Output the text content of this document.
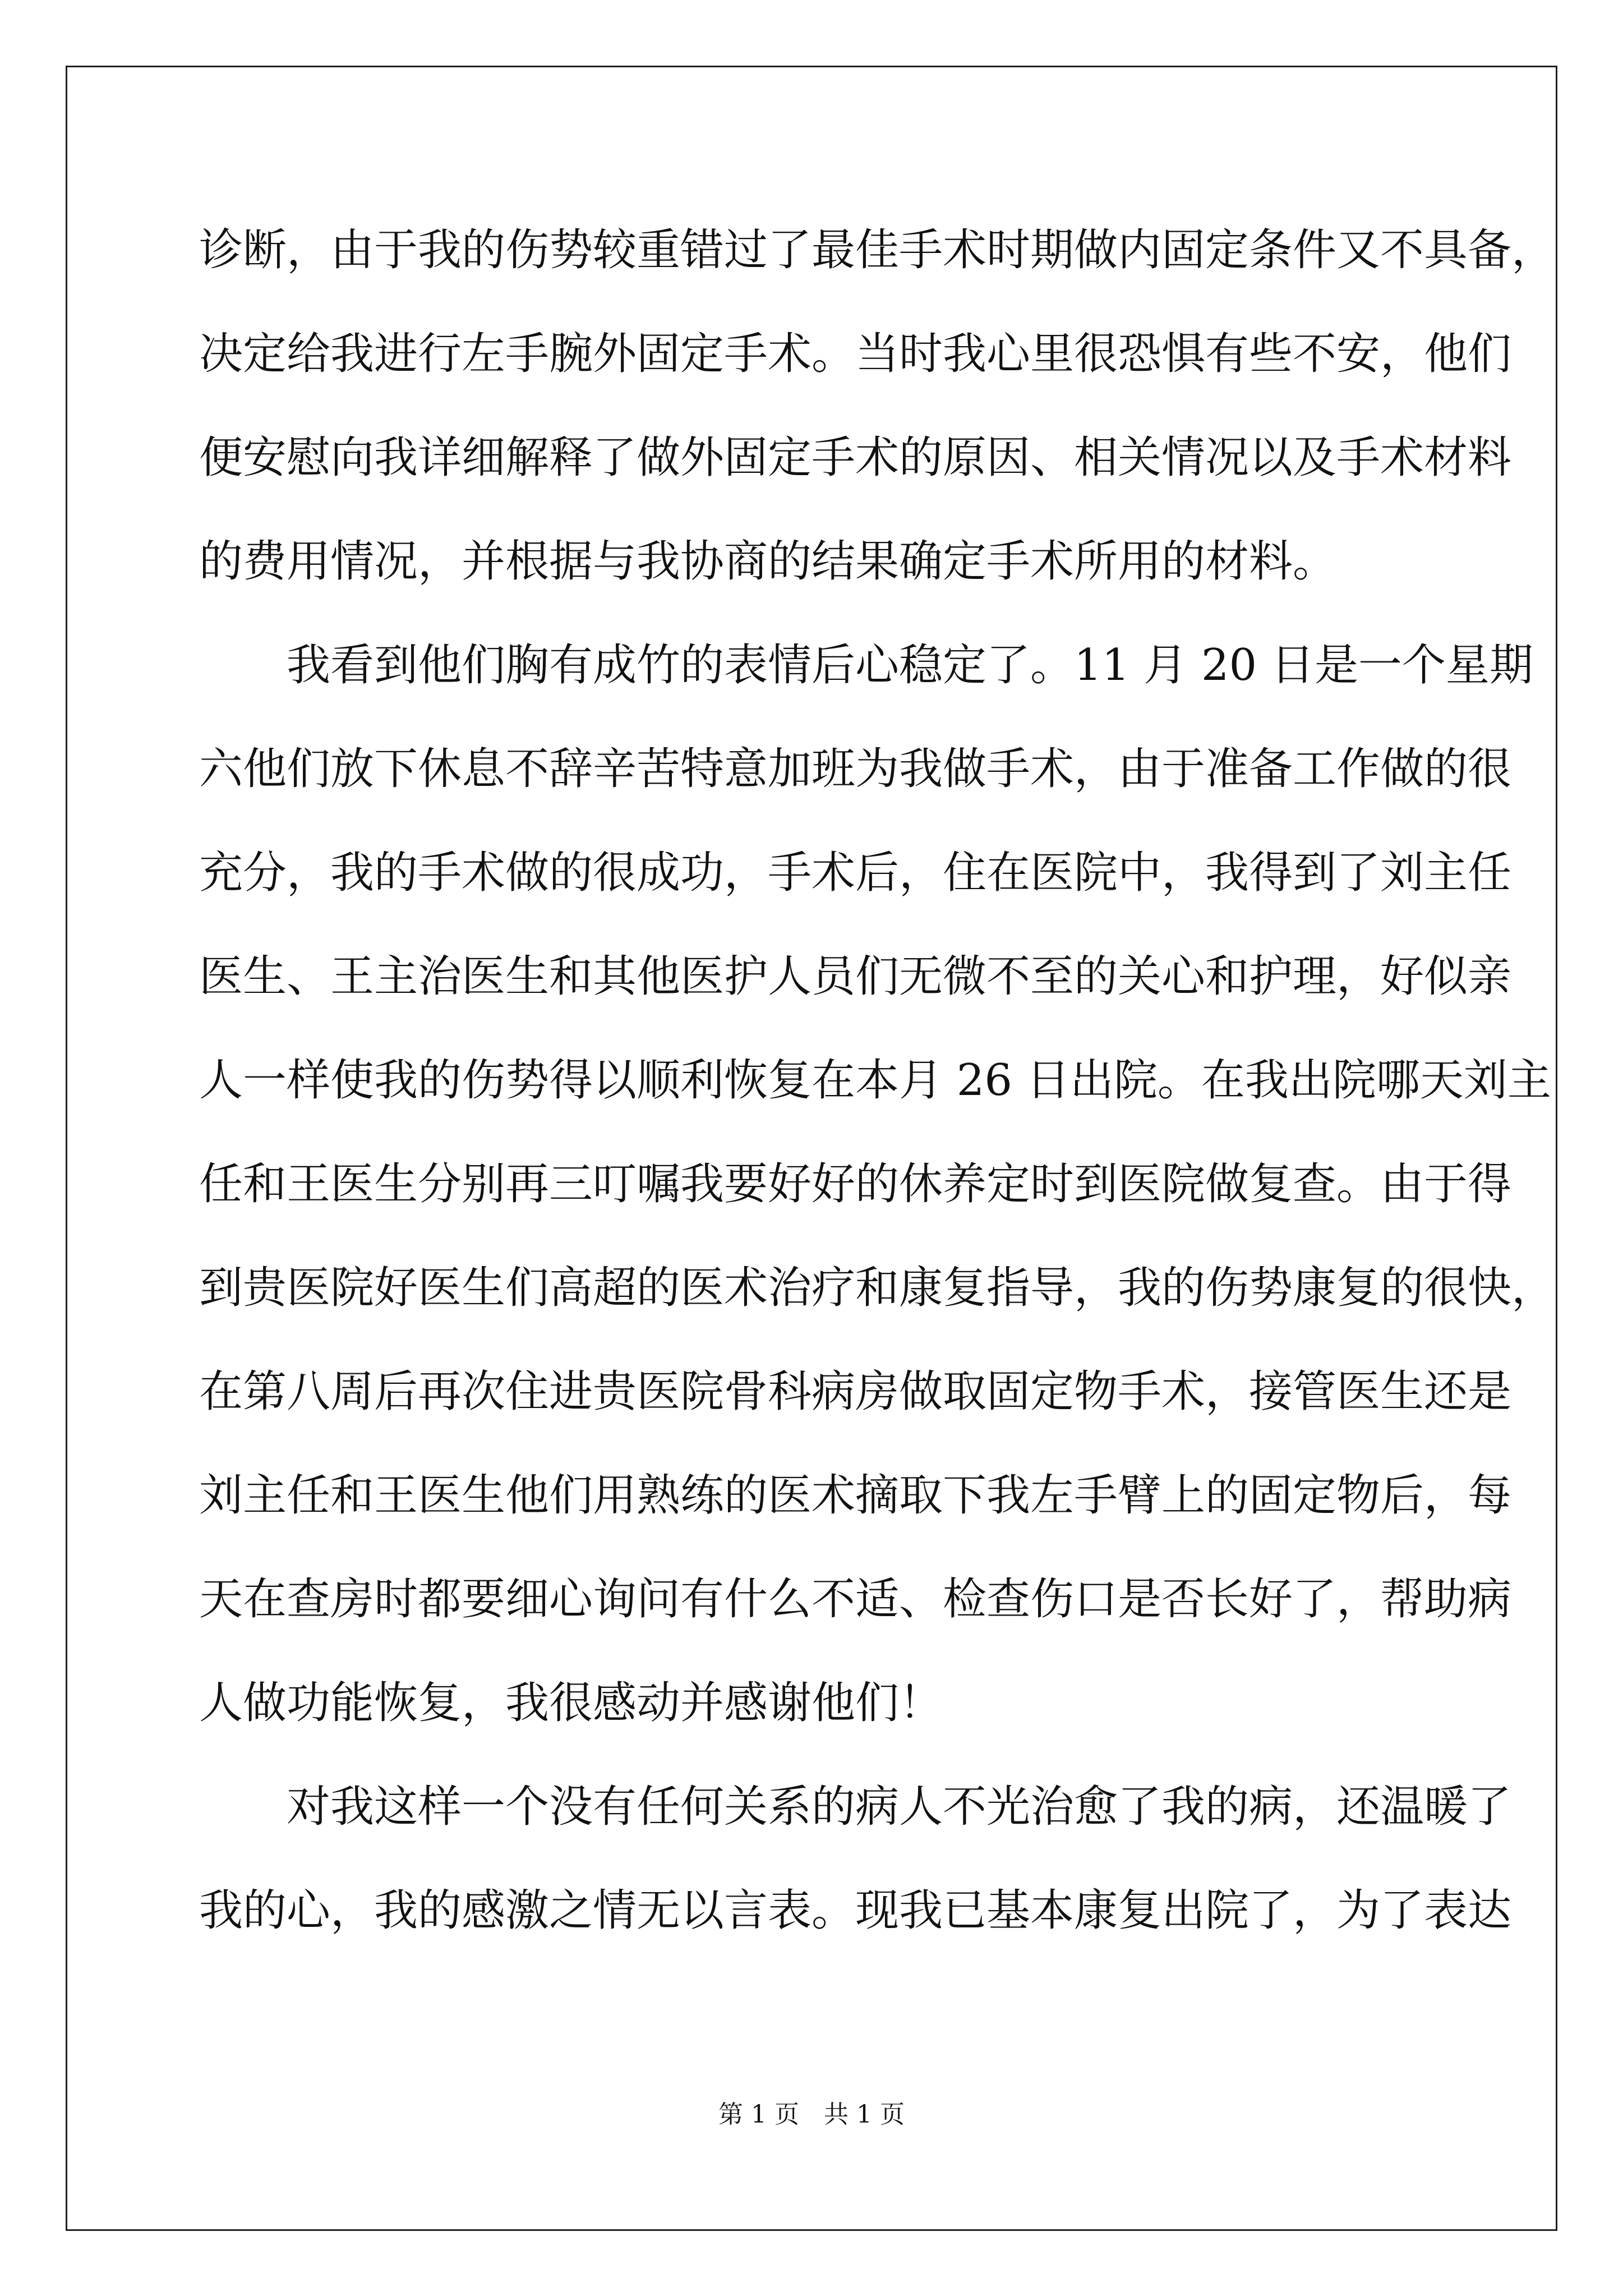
诊断，由于我的伤势较重错过了最佳手术时期做内固定条件又不具备，
决定给我进行左手腕外固定手术。当时我心里很恐惧有些不安，他们
便安慰向我详细解释了做外固定手术的原因、相关情况以及手术材料
的费用情况，并根据与我协商的结果确定手术所用的材料。
　　我看到他们胸有成竹的表情后心稳定了。11 月 20 日是一个星期
六他们放下休息不辞辛苦特意加班为我做手术，由于准备工作做的很
充分，我的手术做的很成功，手术后，住在医院中，我得到了刘主任
医生、王主治医生和其他医护人员们无微不至的关心和护理，好似亲
人一样使我的伤势得以顺利恢复在本月 26 日出院。在我出院哪天刘主
任和王医生分别再三叮嘱我要好好的休养定时到医院做复查。由于得
到贵医院好医生们高超的医术治疗和康复指导，我的伤势康复的很快，
在第八周后再次住进贵医院骨科病房做取固定物手术，接管医生还是
刘主任和王医生他们用熟练的医术摘取下我左手臂上的固定物后，每
天在查房时都要细心询问有什么不适、检查伤口是否长好了，帮助病
人做功能恢复，我很感动并感谢他们！
　　对我这样一个没有任何关系的病人不光治愈了我的病，还温暖了
我的心，我的感激之情无以言表。现我已基本康复出院了，为了表达
第 1 页　共 1 页
